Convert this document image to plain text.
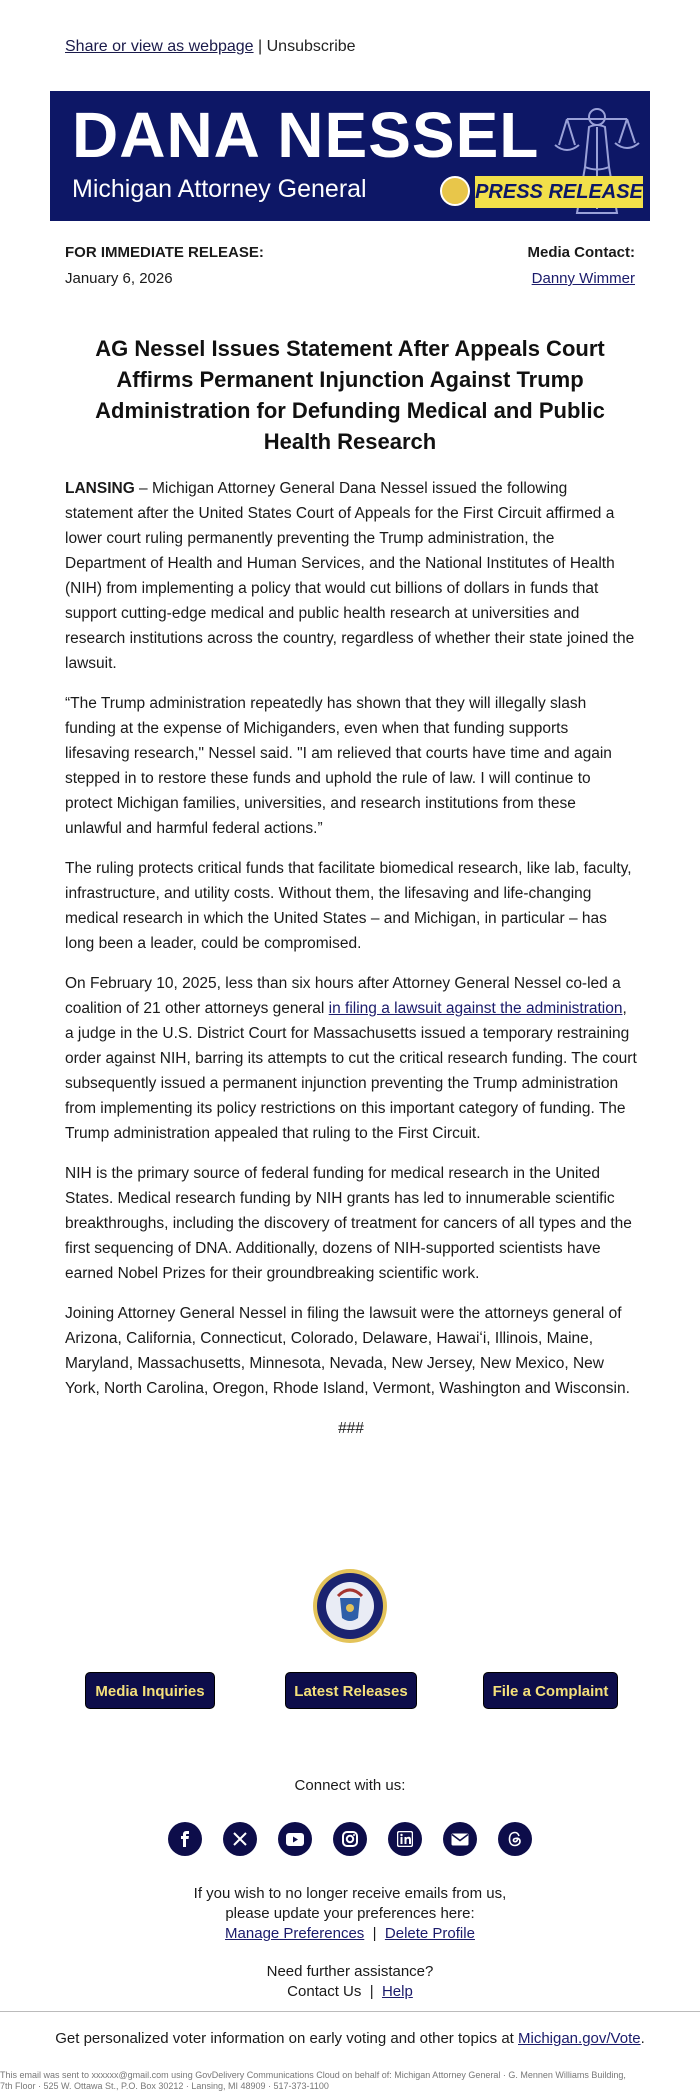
Share or view as webpage | Unsubscribe
DANA NESSEL
Michigan Attorney General	PRESS RELEASE
FOR IMMEDIATE RELEASE:
January 6, 2026
Media Contact:
Danny Wimmer
AG Nessel Issues Statement After Appeals Court Affirms Permanent Injunction Against Trump Administration for Defunding Medical and Public Health Research

LANSING – Michigan Attorney General Dana Nessel issued the following statement after the United States Court of Appeals for the First Circuit affirmed a lower court ruling permanently preventing the Trump administration, the Department of Health and Human Services, and the National Institutes of Health (NIH) from implementing a policy that would cut billions of dollars in funds that support cutting-edge medical and public health research at universities and research institutions across the country, regardless of whether their state joined the lawsuit.

“The Trump administration repeatedly has shown that they will illegally slash funding at the expense of Michiganders, even when that funding supports lifesaving research," Nessel said. "I am relieved that courts have time and again stepped in to restore these funds and uphold the rule of law. I will continue to protect Michigan families, universities, and research institutions from these unlawful and harmful federal actions.”

The ruling protects critical funds that facilitate biomedical research, like lab, faculty, infrastructure, and utility costs. Without them, the lifesaving and life-changing medical research in which the United States – and Michigan, in particular – has long been a leader, could be compromised.

On February 10, 2025, less than six hours after Attorney General Nessel co-led a coalition of 21 other attorneys general in filing a lawsuit against the administration, a judge in the U.S. District Court for Massachusetts issued a temporary restraining order against NIH, barring its attempts to cut the critical research funding. The court subsequently issued a permanent injunction preventing the Trump administration from implementing its policy restrictions on this important category of funding. The Trump administration appealed that ruling to the First Circuit.

NIH is the primary source of federal funding for medical research in the United States. Medical research funding by NIH grants has led to innumerable scientific breakthroughs, including the discovery of treatment for cancers of all types and the first sequencing of DNA. Additionally, dozens of NIH-supported scientists have earned Nobel Prizes for their groundbreaking scientific work.

Joining Attorney General Nessel in filing the lawsuit were the attorneys general of Arizona, California, Connecticut, Colorado, Delaware, Hawaiʻi, Illinois, Maine, Maryland, Massachusetts, Minnesota, Nevada, New Jersey, New Mexico, New York, North Carolina, Oregon, Rhode Island, Vermont, Washington and Wisconsin.

###
Media Inquiries	Latest Releases	File a Complaint
Connect with us:
If you wish to no longer receive emails from us,
please update your preferences here:
Manage Preferences | Delete Profile
Need further assistance?
Contact Us | Help
Get personalized voter information on early voting and other topics at Michigan.gov/Vote.
This email was sent to xxxxxx@gmail.com using GovDelivery Communications Cloud on behalf of: Michigan Attorney General · G. Mennen Williams Building,
7th Floor · 525 W. Ottawa St., P.O. Box 30212 · Lansing, MI 48909 · 517-373-1100
